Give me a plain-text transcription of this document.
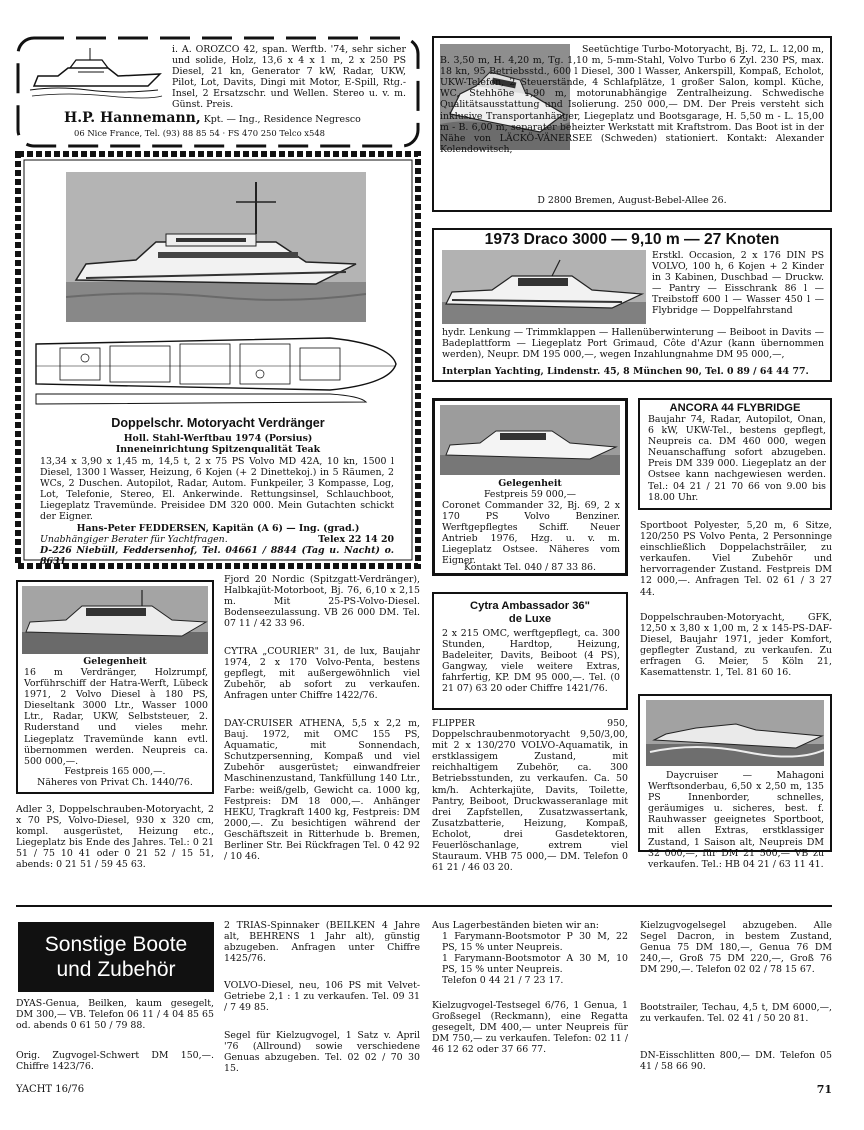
i. A. OROZCO 42, span. Werftb. '74, sehr sicher und solide, Holz, 13,6 x 4 x 1 m, 2 x 250 PS Diesel, 21 kn, Generator 7 kW, Radar, UKW, Pilot, Lot, Davits, Dingi mit Motor, E-Spill, Rtg.-Insel, 2 Ersatzschr. und Wellen. Stereo u. v. m. Günst. Preis.
H.P. Hannemann, Kpt. — Ing., Residence Negresco
06 Nice France, Tel. (93) 88 85 54 · FS 470 250 Telco x548
Doppelschr. Motoryacht Verdränger
Holl. Stahl-Werftbau 1974 (Porsius)
Inneneinrichtung Spitzenqualität Teak
13,34 x 3,90 x 1,45 m, 14,5 t, 2 x 75 PS Volvo MD 42A, 10 kn, 1500 l Diesel, 1300 l Wasser, Heizung, 6 Kojen (+ 2 Dinettekoj.) in 5 Räumen, 2 WCs, 2 Duschen. Autopilot, Radar, Autom. Funkpeiler, 3 Kompasse, Log, Lot, Telefonie, Stereo, El. Ankerwinde. Rettungsinsel, Schlauchboot, Liegeplatz Travemünde. Preisidee DM 320 000. Mein Gutachten schickt der Eigner.
Hans-Peter FEDDERSEN, Kapitän (A 6) — Ing. (grad.)
Unabhängiger Berater für Yachtfragen.	Telex 22 14 20
D-226 Niebüll, Feddersenhof, Tel. 04661 / 8844 (Tag u. Nacht) o. 8631
Seetüchtige Turbo-Motoryacht, Bj. 72, L. 12,00 m, B. 3,50 m, H. 4,20 m, Tg. 1,10 m, 5-mm-Stahl, Volvo Turbo 6 Zyl. 230 PS, max. 18 kn, 95 Betriebsstd., 600 l Diesel, 300 l Wasser, Ankerspill, Kompaß, Echolot, UKW-Telefon, 2 Steuerstände, 4 Schlafplätze, 1 großer Salon, kompl. Küche, WC, Stehhöhe 1,90 m, motorunabhängige Zentralheizung. Schwedische Qualitätsausstattung und Isolierung. 250 000,— DM. Der Preis versteht sich inklusive Transportanhänger, Liegeplatz und Bootsgarage, H. 5,50 m - L. 15,00 m - B. 6,00 m, separater beheizter Werkstatt mit Kraftstrom. Das Boot ist in der Nähe von LÄCKÖ-VÄNERSEE (Schweden) stationiert. Kontakt: Alexander Kolendowitsch,
D 2800 Bremen, August-Bebel-Allee 26.
1973 Draco 3000 — 9,10 m — 27 Knoten
Erstkl. Occasion, 2 x 176 DIN PS VOLVO, 100 h, 6 Kojen + 2 Kinder in 3 Kabinen, Duschbad — Druckw. — Pantry — Eisschrank 86 l — Treibstoff 600 l — Wasser 450 l — Flybridge — Doppelfahrstand
hydr. Lenkung — Trimmklappen — Hallenüberwinterung — Beiboot in Davits — Badeplattform — Liegeplatz Port Grimaud, Côte d'Azur (kann übernommen werden), Neupr. DM 195 000,—, wegen Inzahlungnahme DM 95 000,—,
Interplan Yachting, Lindenstr. 45, 8 München 90, Tel. 0 89 / 64 44 77.
Gelegenheit
Festpreis 59 000,—
Coronet Commander 32, Bj. 69, 2 x 170 PS Volvo Benziner. Werftgepflegtes Schiff. Neuer Antrieb 1976, Hzg. u. v. m. Liegeplatz Ostsee. Näheres vom Eigner.
Kontakt Tel. 040 / 87 33 86.
ANCORA 44 FLYBRIDGE
Baujahr 74, Radar, Autopilot, Onan, 6 kW, UKW-Tel., bestens gepflegt, Neupreis ca. DM 460 000, wegen Neuanschaffung sofort abzugeben. Preis DM 339 000. Liegeplatz an der Ostsee kann nachgewiesen werden. Tel.: 04 21 / 21 70 66 von 9.00 bis 18.00 Uhr.
Sportboot Polyester, 5,20 m, 6 Sitze, 120/250 PS Volvo Penta, 2 Personninge einschließlich Doppelachsträiler, zu verkaufen. Viel Zubehör und hervorragender Zustand. Festpreis DM 12 000,—. Anfragen Tel. 02 61 / 3 27 44.
Doppelschrauben-Motoryacht, GFK, 12,50 x 3,80 x 1,00 m, 2 x 145-PS-DAF-Diesel, Baujahr 1971, jeder Komfort, gepflegter Zustand, zu verkaufen. Zu erfragen G. Meier, 5 Köln 21, Kasemattenstr. 1, Tel. 81 60 16.
Daycruiser — Mahagoni Werftsonderbau, 6,50 x 2,50 m, 135 PS Innenborder, schnelles, geräumiges u. sicheres, best. f. Rauhwasser geeignetes Sportboot, mit allen Extras, erstklassiger Zustand, 1 Saison alt, Neupreis DM 32 000,—, für DM 21 500,— VB zu verkaufen. Tel.: HB 04 21 / 63 11 41.
Cytra Ambassador 36"
de Luxe
2 x 215 OMC, werftgepflegt, ca. 300 Stunden, Hardtop, Heizung, Badeleiter, Davits, Beiboot (4 PS), Gangway, viele weitere Extras, fahrfertig, KP. DM 95 000,—. Tel. (0 21 07) 63 20 oder Chiffre 1421/76.
FLIPPER 950, Doppelschraubenmotoryacht 9,50/3,00, mit 2 x 130/270 VOLVO-Aquamatik, in erstklassigem Zustand, mit reichhaltigem Zubehör, ca. 300 Betriebsstunden, zu verkaufen. Ca. 50 km/h. Achterkajüte, Davits, Toilette, Pantry, Beiboot, Druckwasseranlage mit drei Zapfstellen, Zusatzwassertank, Zusatzbatterie, Heizung, Kompaß, Echolot, drei Gasdetektoren, Feuerlöschanlage, extrem viel Stauraum. VHB 75 000,— DM. Telefon 0 61 21 / 46 03 20.
Fjord 20 Nordic (Spitzgatt-Verdränger), Halbkajüt-Motorboot, Bj. 76, 6,10 x 2,15 m. Mit 25-PS-Volvo-Diesel. Bodenseezulassung. VB 26 000 DM. Tel. 07 11 / 42 33 96.
CYTRA „COURIER" 31, de lux, Baujahr 1974, 2 x 170 Volvo-Penta, bestens gepflegt, mit außergewöhnlich viel Zubehör, ab sofort zu verkaufen. Anfragen unter Chiffre 1422/76.
DAY-CRUISER ATHENA, 5,5 x 2,2 m, Bauj. 1972, mit OMC 155 PS, Aquamatic, mit Sonnendach, Schutzpersenning, Kompaß und viel Zubehör ausgerüstet; einwandfreier Maschinenzustand, Tankfüllung 140 Ltr., Farbe: weiß/gelb, Gewicht ca. 1000 kg, Festpreis: DM 18 000,—. Anhänger HEKU, Tragkraft 1400 kg, Festpreis: DM 2000,—. Zu besichtigen während der Geschäftszeit in Ritterhude b. Bremen, Berliner Str. Bei Rückfragen Tel. 0 42 92 / 10 46.
Gelegenheit
16 m Verdränger, Holzrumpf, Vorführschiff der Hatra-Werft, Lübeck 1971, 2 Volvo Diesel à 180 PS, Dieseltank 3000 Ltr., Wasser 1000 Ltr., Radar, UKW, Selbststeuer, 2. Ruderstand und vieles mehr. Liegeplatz Travemünde kann evtl. übernommen werden. Neupreis ca. 500 000,—.
Festpreis 165 000,—.
Näheres von Privat Ch. 1440/76.
Adler 3, Doppelschrauben-Motoryacht, 2 x 70 PS, Volvo-Diesel, 930 x 320 cm, kompl. ausgerüstet, Heizung etc., Liegeplatz bis Ende des Jahres. Tel.: 0 21 51 / 75 10 41 oder 0 21 52 / 15 51, abends: 0 21 51 / 59 45 63.
Sonstige Boote
und Zubehör
DYAS-Genua, Beilken, kaum gesegelt, DM 300,— VB. Telefon 06 11 / 4 04 85 65 od. abends 0 61 50 / 79 88.
Orig. Zugvogel-Schwert DM 150,—. Chiffre 1423/76.
2 TRIAS-Spinnaker (BEILKEN 4 Jahre alt, BEHRENS 1 Jahr alt), günstig abzugeben. Anfragen unter Chiffre 1425/76.
VOLVO-Diesel, neu, 106 PS mit Velvet-Getriebe 2,1 : 1 zu verkaufen. Tel. 09 31 / 7 49 85.
Segel für Kielzugvogel, 1 Satz v. April '76 (Allround) sowie verschiedene Genuas abzugeben. Tel. 02 02 / 70 30 15.
Aus Lagerbeständen bieten wir an:
1 Farymann-Bootsmotor P 30 M, 22 PS, 15 % unter Neupreis.
1 Farymann-Bootsmotor A 30 M, 10 PS, 15 % unter Neupreis.
Telefon 0 44 21 / 7 23 17.
Kielzugvogel-Testsegel 6/76, 1 Genua, 1 Großsegel (Reckmann), eine Regatta gesegelt, DM 400,— unter Neupreis für DM 750,— zu verkaufen. Telefon: 02 11 / 46 12 62 oder 37 66 77.
Kielzugvogelsegel abzugeben. Alle Segel Dacron, in bestem Zustand, Genua 75 DM 180,—, Genua 76 DM 240,—, Groß 75 DM 220,—, Groß 76 DM 290,—. Telefon 02 02 / 78 15 67.
Bootstrailer, Techau, 4,5 t, DM 6000,—, zu verkaufen. Tel. 02 41 / 50 20 81.
DN-Eisschlitten 800,— DM. Telefon 05 41 / 58 66 90.
YACHT 16/76	71
